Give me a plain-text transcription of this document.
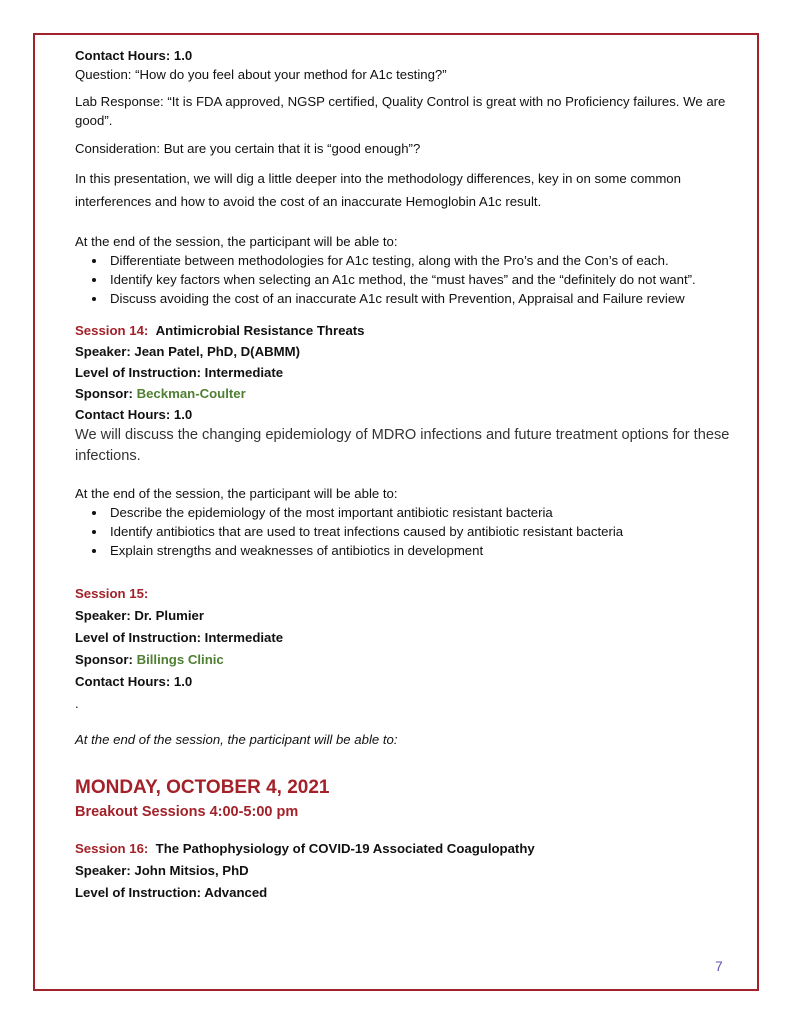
Contact Hours: 1.0

Question: “How do you feel about your method for A1c testing?”

Lab Response: “It is FDA approved, NGSP certified, Quality Control is great with no Proficiency failures. We are good”.

Consideration: But are you certain that it is “good enough”?

In this presentation, we will dig a little deeper into the methodology differences, key in on some common interferences and how to avoid the cost of an inaccurate Hemoglobin A1c result.

At the end of the session, the participant will be able to:

• Differentiate between methodologies for A1c testing, along with the Pro’s and the Con’s of each.
• Identify key factors when selecting an A1c method, the “must haves” and the “definitely do not want”.
• Discuss avoiding the cost of an inaccurate A1c result with Prevention, Appraisal and Failure review

Session 14: Antimicrobial Resistance Threats

Speaker: Jean Patel, PhD, D(ABMM)

Level of Instruction: Intermediate

Sponsor: Beckman-Coulter

Contact Hours: 1.0

We will discuss the changing epidemiology of MDRO infections and future treatment options for these infections.

At the end of the session, the participant will be able to:

• Describe the epidemiology of the most important antibiotic resistant bacteria
• Identify antibiotics that are used to treat infections caused by antibiotic resistant bacteria
• Explain strengths and weaknesses of antibiotics in development

Session 15:

Speaker: Dr. Plumier

Level of Instruction: Intermediate

Sponsor: Billings Clinic

Contact Hours: 1.0

.

At the end of the session, the participant will be able to:

MONDAY, OCTOBER 4, 2021

Breakout Sessions 4:00-5:00 pm

Session 16: The Pathophysiology of COVID-19 Associated Coagulopathy

Speaker: John Mitsios, PhD

Level of Instruction: Advanced

7
